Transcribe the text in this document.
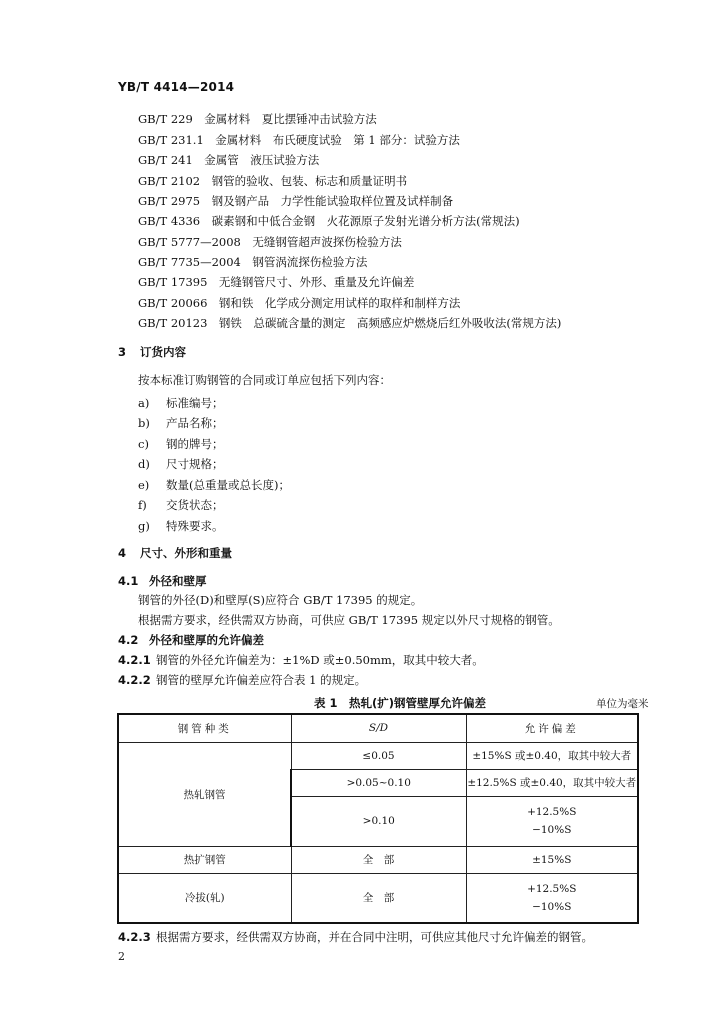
YB/T 4414—2014
GB/T 229　金属材料　夏比摆锤冲击试验方法
GB/T 231.1　金属材料　布氏硬度试验　第 1 部分：试验方法
GB/T 241　金属管　液压试验方法
GB/T 2102　钢管的验收、包装、标志和质量证明书
GB/T 2975　钢及钢产品　力学性能试验取样位置及试样制备
GB/T 4336　碳素钢和中低合金钢　火花源原子发射光谱分析方法(常规法)
GB/T 5777—2008　无缝钢管超声波探伤检验方法
GB/T 7735—2004　钢管涡流探伤检验方法
GB/T 17395　无缝钢管尺寸、外形、重量及允许偏差
GB/T 20066　钢和铁　化学成分测定用试样的取样和制样方法
GB/T 20123　钢铁　总碳硫含量的测定　高频感应炉燃烧后红外吸收法(常规方法)
3 订货内容
按本标准订购钢管的合同或订单应包括下列内容：
a) 标准编号；
b) 产品名称；
c) 钢的牌号；
d) 尺寸规格；
e) 数量(总重量或总长度)；
f) 交货状态；
g) 特殊要求。
4 尺寸、外形和重量
4.1 外径和壁厚
钢管的外径(D)和壁厚(S)应符合 GB/T 17395 的规定。
根据需方要求，经供需双方协商，可供应 GB/T 17395 规定以外尺寸规格的钢管。
4.2 外径和壁厚的允许偏差
4.2.1 钢管的外径允许偏差为：±1%D 或±0.50mm，取其中较大者。
4.2.2 钢管的壁厚允许偏差应符合表 1 的规定。
表 1　热轧(扩)钢管壁厚允许偏差	单位为毫米
钢管种类	S/D	允许偏差
热轧钢管	≤0.05	±15%S 或±0.40，取其中较大者
	>0.05~0.10	±12.5%S 或±0.40，取其中较大者
	>0.10	+12.5%S
−10%S

热扩钢管	全　部	±15%S
冷拔(轧)	全　部	+12.5%S
−10%S
4.2.3 根据需方要求，经供需双方协商，并在合同中注明，可供应其他尺寸允许偏差的钢管。
2
